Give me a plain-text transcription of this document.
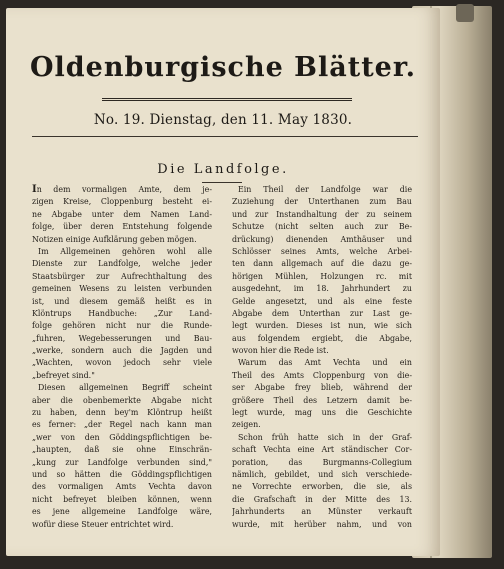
Oldenburgische Blätter.
No. 19. Dienstag, den 11. May 1830.
Die Landfolge.
In dem vormaligen Amte, dem je-
zigen Kreise, Cloppenburg besteht ei-
ne Abgabe unter dem Namen Land-
folge, über deren Entstehung folgende
Notizen einige Aufklärung geben mögen.
Im Allgemeinen gehören wohl alle
Dienste zur Landfolge, welche jeder
Staatsbürger zur Aufrechthaltung des
gemeinen Wesens zu leisten verbunden
ist, und diesem gemäß heißt es in
Klöntrups Handbuche: „Zur Land-
folge gehören nicht nur die Runde-
„fuhren, Wegebesserungen und Bau-
„werke, sondern auch die Jagden und
„Wachten, wovon jedoch sehr viele
„befreyet sind."
Diesen allgemeinen Begriff scheint
aber die obenbemerkte Abgabe nicht
zu haben, denn bey'm Klöntrup heißt
es ferner: „der Regel nach kann man
„wer von den Göddingspflichtigen be-
„haupten, daß sie ohne Einschrän-
„kung zur Landfolge verbunden sind,"
und so hätten die Göddingspflichtigen
des vormaligen Amts Vechta davon
nicht befreyet bleiben können, wenn
es jene allgemeine Landfolge wäre,
wofür diese Steuer entrichtet wird.
Ein Theil der Landfolge war die
Zuziehung der Unterthanen zum Bau
und zur Instandhaltung der zu seinem
Schutze (nicht selten auch zur Be-
drückung) dienenden Amthäuser und
Schlösser seines Amts, welche Arbei-
ten dann allgemach auf die dazu ge-
hörigen Mühlen, Holzungen rc. mit
ausgedehnt, im 18. Jahrhundert zu
Gelde angesetzt, und als eine feste
Abgabe dem Unterthan zur Last ge-
legt wurden. Dieses ist nun, wie sich
aus folgendem ergiebt, die Abgabe,
wovon hier die Rede ist.
Warum das Amt Vechta und ein
Theil des Amts Cloppenburg von die-
ser Abgabe frey blieb, während der
größere Theil des Letzern damit be-
legt wurde, mag uns die Geschichte
zeigen.
Schon früh hatte sich in der Graf-
schaft Vechta eine Art ständischer Cor-
poration, das Burgmanns-Collegium
nämlich, gebildet, und sich verschiede-
ne Vorrechte erworben, die sie, als
die Grafschaft in der Mitte des 13.
Jahrhunderts an Münster verkauft
wurde, mit herüber nahm, und von
